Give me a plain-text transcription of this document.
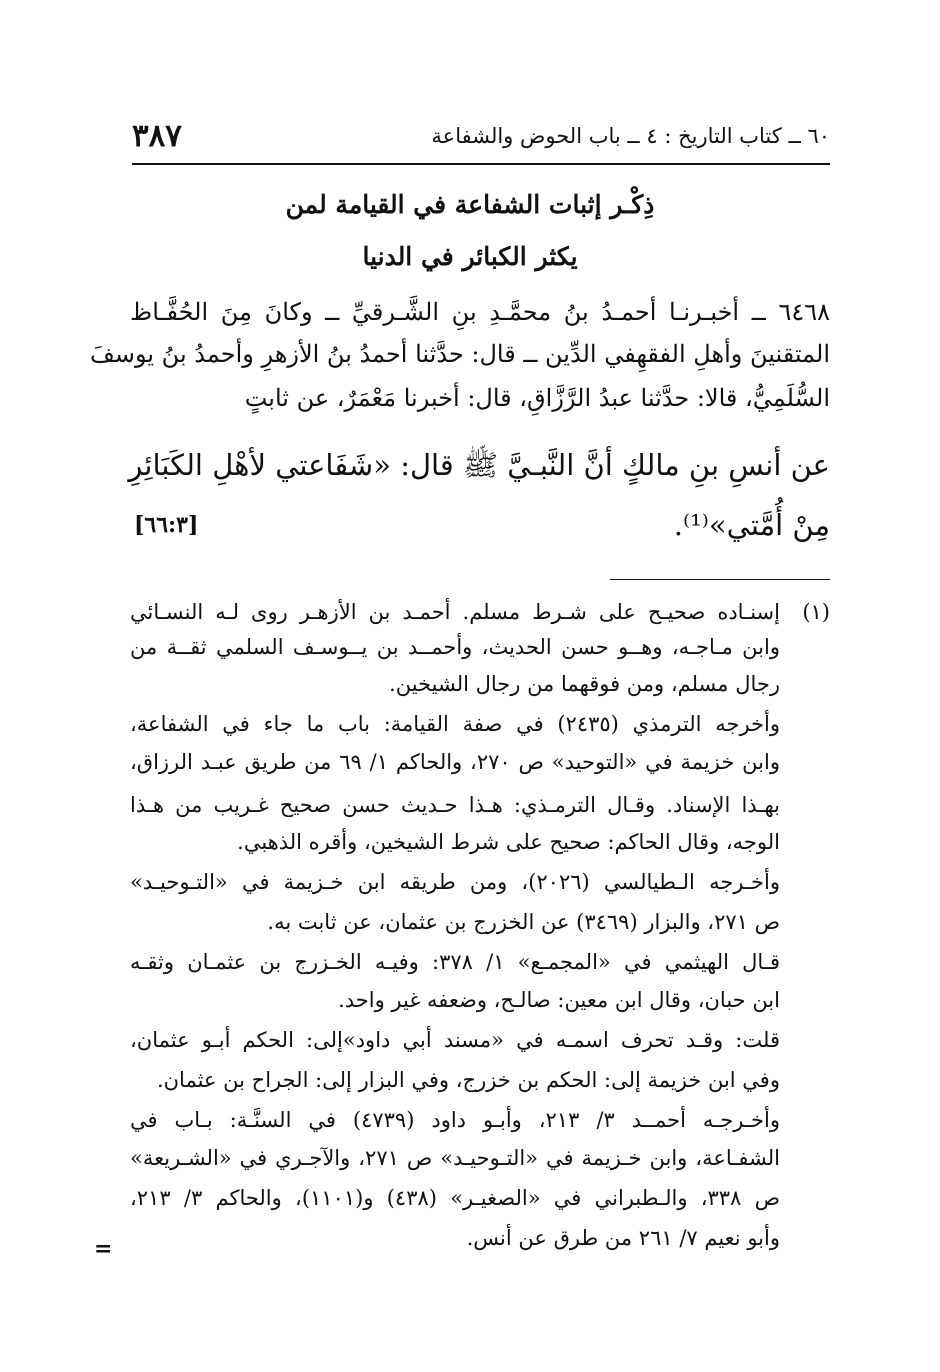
٦٠ ــ كتاب التاريخ : ٤ ــ باب الحوض والشفاعة
٣٨٧
ذِكْـر إثبات الشفاعة في القيامة لمن
يكثر الكبائر في الدنيا
٦٤٦٨ ــ أخبـرنـا أحمـدُ بنُ محمَّـدِ بنِ الشَّـرقيِّ ــ وكانَ مِنَ الحُفَّـاظ
المتقنينَ وأهلِ الفقهِفي الدِّين ــ قال: حدَّثنا أحمدُ بنُ الأزهرِ وأحمدُ بنُ يوسفَ
السُّلَمِيُّ، قالا: حدَّثنا عبدُ الرَّزَّاقِ، قال: أخبرنا مَعْمَرٌ، عن ثابتٍ
عن أنسِ بنِ مالكٍ أنَّ النَّبـيَّ ﷺ قال: «شَفَاعتي لأهْلِ الكَبَائِرِ
مِنْ أُمَّتي»⁽¹⁾.
[٦٦:٣]
(١)
إسنـاده صحيـح على شـرط مسلم. أحمـد بن الأزهـر روى لـه النسـائي
وابن مـاجـه، وهــو حسن الحديث، وأحمــد بن يــوسـف السلمي ثقــة من
رجال مسلم، ومن فوقهما من رجال الشيخين.
وأخرجه الترمذي (٢٤٣٥) في صفة القيامة: باب ما جاء في الشفاعة،
وابن خزيمة في «التوحيد» ص ٢٧٠، والحاكم ١/ ٦٩ من طريق عبـد الرزاق،
بهـذا الإسناد. وقـال الترمـذي: هـذا حـديث حسن صحيح غـريب من هـذا
الوجه، وقال الحاكم: صحيح على شرط الشيخين، وأقره الذهبي.
وأخـرجه الـطيالسي (٢٠٢٦)، ومن طريقه ابن خـزيمة في «التـوحيـد»
ص ٢٧١، والبزار (٣٤٦٩) عن الخزرج بن عثمان، عن ثابت به.
قـال الهيثمي في «المجمـع» ١/ ٣٧٨: وفيـه الخـزرج بن عثمـان وثقـه
ابن حبان، وقال ابن معين: صالـح، وضعفه غير واحد.
قلت: وقـد تحرف اسمـه في «مسند أبي داود»إلى: الحكم أبـو عثمان،
وفي ابن خزيمة إلى: الحكم بن خزرج، وفي البزار إلى: الجراح بن عثمان.
وأخـرجـه أحمــد ٣/ ٢١٣، وأبـو داود (٤٧٣٩) في السنَّـة: بـاب في
الشفـاعة، وابن خـزيمة في «التـوحيـد» ص ٢٧١، والآجـري في «الشـريعة»
ص ٣٣٨، والـطبراني في «الصغيـر» (٤٣٨) و(١١٠١)، والحاكم ٣/ ٢١٣،
وأبو نعيم ٧/ ٢٦١ من طرق عن أنس.
=
